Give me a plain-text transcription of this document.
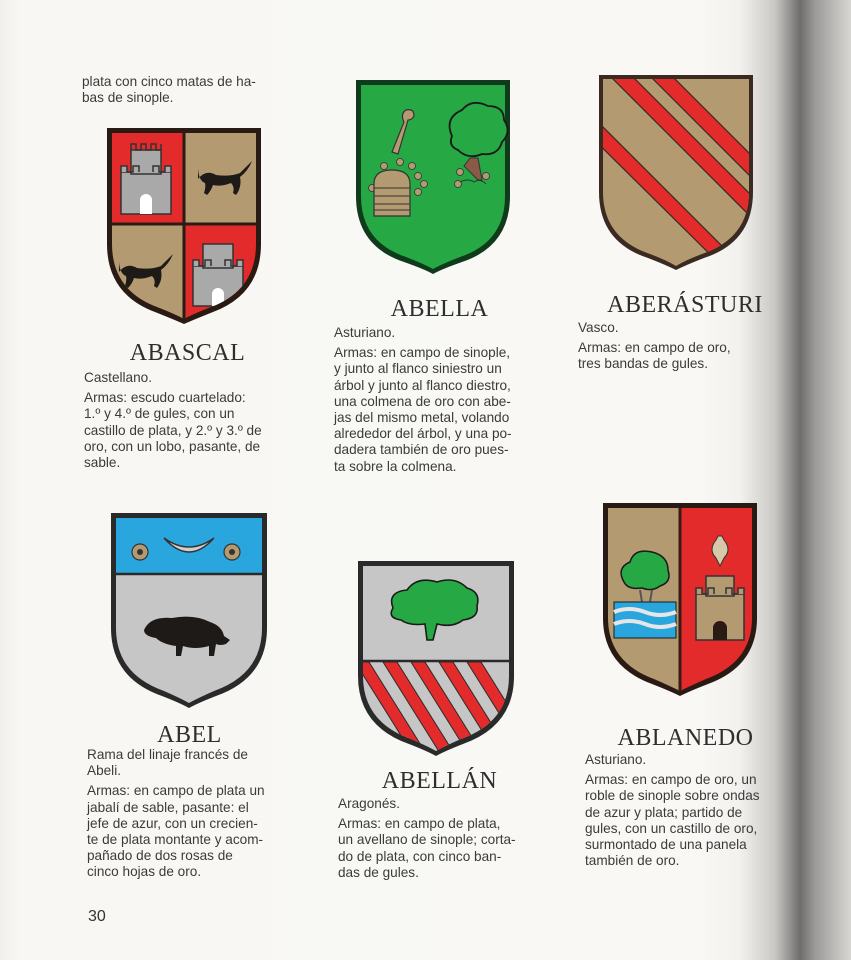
plata con cinco matas de ha-

bas de sinople.

ABASCAL

Castellano.

Armas: escudo cuartelado:

1.º y 4.º de gules, con un

castillo de plata, y 2.º y 3.º de

oro, con un lobo, pasante, de

sable.

ABELLA

Asturiano.

Armas: en campo de sinople,

y junto al flanco siniestro un

árbol y junto al flanco diestro,

una colmena de oro con abe-

jas del mismo metal, volando

alrededor del árbol, y una po-

dadera también de oro pues-

ta sobre la colmena.

ABERÁSTURI

Vasco.

Armas: en campo de oro,

tres bandas de gules.

ABEL

Rama del linaje francés de

Abeli.

Armas: en campo de plata un

jabalí de sable, pasante: el

jefe de azur, con un crecien-

te de plata montante y acom-

pañado de dos rosas de

cinco hojas de oro.

ABELLÁN

Aragonés.

Armas: en campo de plata,

un avellano de sinople; corta-

do de plata, con cinco ban-

das de gules.

ABLANEDO

Asturiano.

Armas: en campo de oro, un

roble de sinople sobre ondas

de azur y plata; partido de

gules, con un castillo de oro,

surmontado de una panela

también de oro.

30
